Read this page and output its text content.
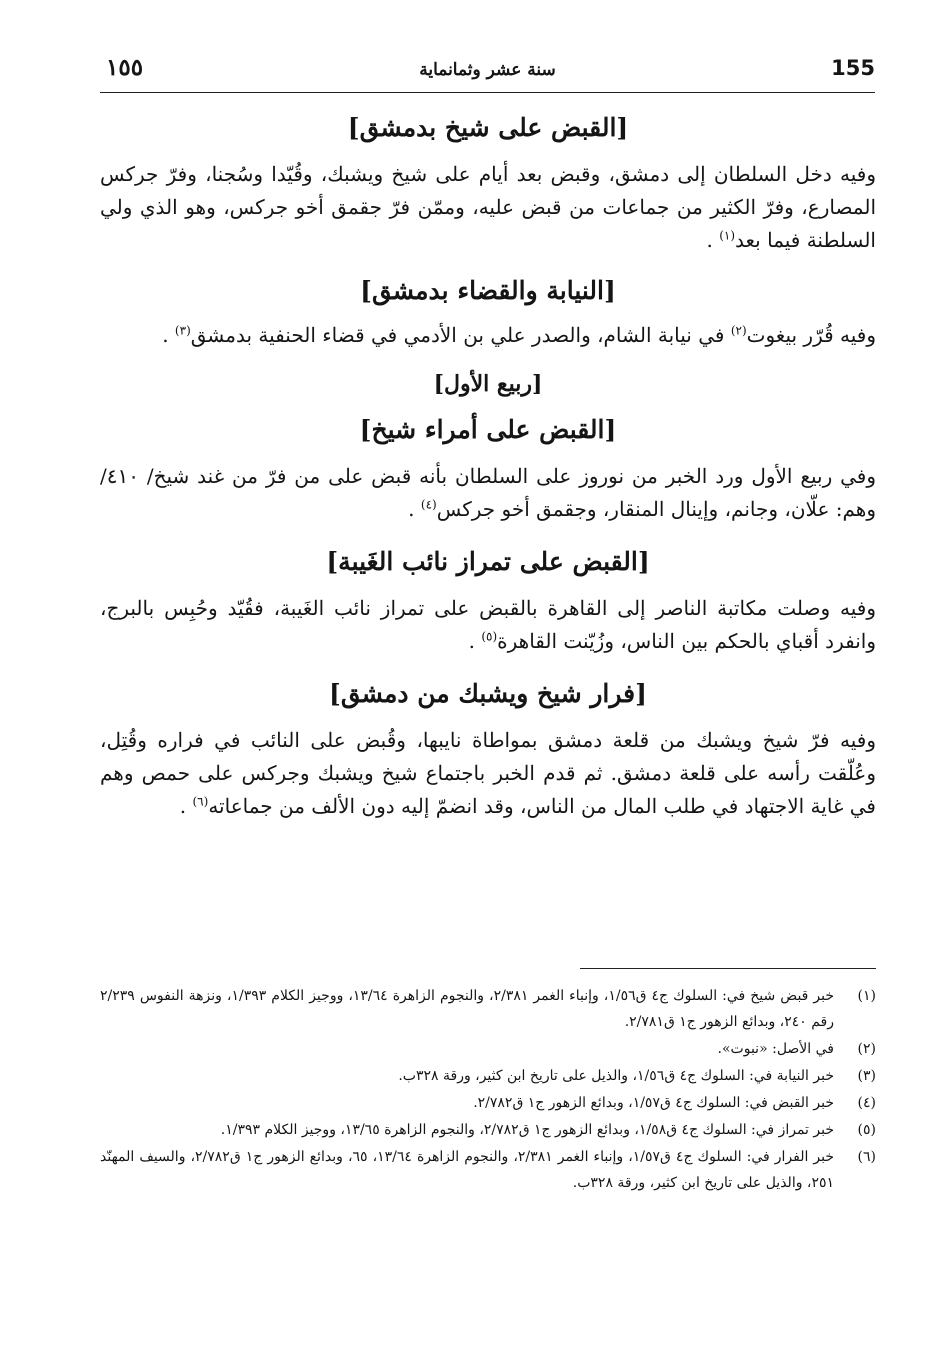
155
سنة عشر وثمانماية
١٥٥
[القبض على شيخ بدمشق]

وفيه دخل السلطان إلى دمشق، وقبض بعد أيام على شيخ ويشبك، وقُيّدا وسُجنا، وفرّ جركس المصارع، وفرّ الكثير من جماعات من قبض عليه، وممّن فرّ جقمق أخو جركس، وهو الذي ولي السلطنة فيما بعد$^{(١)}$ .

[النيابة والقضاء بدمشق]

وفيه قُرّر بيغوت$^{(٢)}$ في نيابة الشام، والصدر علي بن الأدمي في قضاء الحنفية بدمشق$^{(٣)}$ .

[ربيع الأول]
[القبض على أمراء شيخ]

وفي ربيع الأول ورد الخبر من نوروز على السلطان بأنه قبض على من فرّ من غند شيخ/ ٤١٠/وهم: علّان، وجانم، وإينال المنقار، وجقمق أخو جركس$^{(٤)}$ .

[القبض على تمراز نائب الغَيبة]

وفيه وصلت مكاتبة الناصر إلى القاهرة بالقبض على تمراز نائب الغَيبة، فقُيّد وحُبِس بالبرج، وانفرد أقباي بالحكم بين الناس، وزُيّنت القاهرة$^{(٥)}$ .

[فرار شيخ ويشبك من دمشق]

وفيه فرّ شيخ ويشبك من قلعة دمشق بمواطاة نايبها، وقُبض على النائب في فراره وقُتِل، وعُلّقت رأسه على قلعة دمشق. ثم قدم الخبر باجتماع شيخ ويشبك وجركس على حمص وهم في غاية الاجتهاد في طلب المال من الناس، وقد انضمّ إليه دون الألف من جماعاته$^{(٦)}$ .

(١)
خبر قبض شيخ في: السلوك ج٤ ق١/٥٦، وإنباء الغمر ٢/٣٨١، والنجوم الزاهرة ١٣/٦٤، ووجيز الكلام ١/٣٩٣، ونزهة النفوس ٢/٢٣٩ رقم ٢٤٠، وبدائع الزهور ج١ ق٢/٧٨١.
(٢)
في الأصل: «نبوت».
(٣)
خبر النيابة في: السلوك ج٤ ق١/٥٦، والذيل على تاريخ ابن كثير، ورقة ٣٢٨ب.
(٤)
خبر القبض في: السلوك ج٤ ق١/٥٧، وبدائع الزهور ج١ ق٢/٧٨٢.
(٥)
خبر تمراز في: السلوك ج٤ ق١/٥٨، وبدائع الزهور ج١ ق٢/٧٨٢، والنجوم الزاهرة ١٣/٦٥، ووجيز الكلام ١/٣٩٣.
(٦)
خبر الفرار في: السلوك ج٤ ق١/٥٧، وإنباء الغمر ٢/٣٨١، والنجوم الزاهرة ١٣/٦٤، ٦٥، وبدائع الزهور ج١ ق٢/٧٨٢، والسيف المهنّد ٢٥١، والذيل على تاريخ ابن كثير، ورقة ٣٢٨ب.
